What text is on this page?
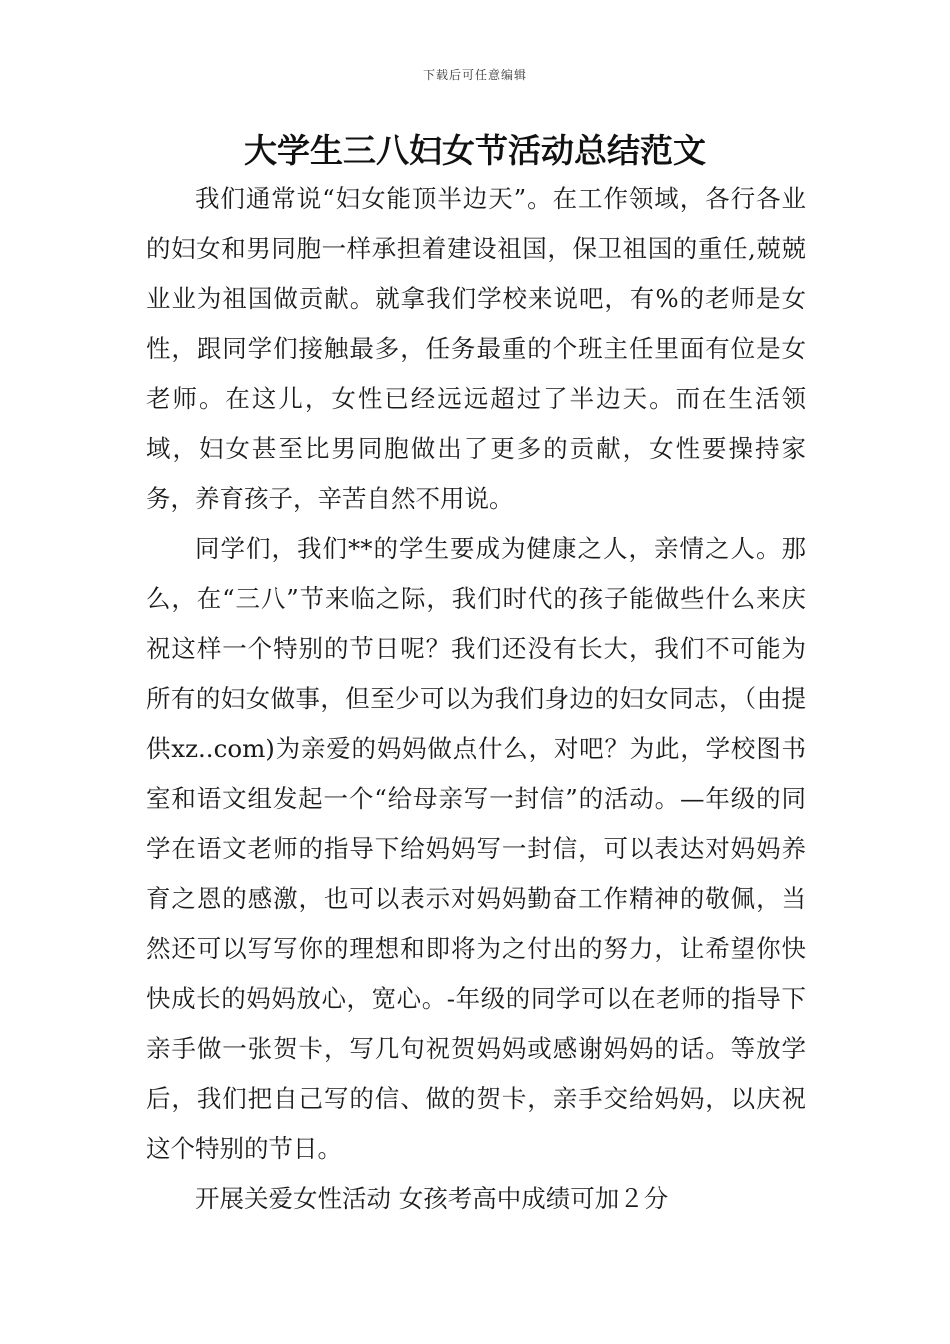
下载后可任意编辑
大学生三八妇女节活动总结范文

我们通常说“妇女能顶半边天”。在工作领域，各行各业的妇女和男同胞一样承担着建设祖国，保卫祖国的重任,兢兢业业为祖国做贡献。就拿我们学校来说吧，有%的老师是女性，跟同学们接触最多，任务最重的个班主任里面有位是女老师。在这儿，女性已经远远超过了半边天。而在生活领域，妇女甚至比男同胞做出了更多的贡献，女性要操持家务，养育孩子，辛苦自然不用说。

同学们，我们**的学生要成为健康之人，亲情之人。那么，在“三八”节来临之际，我们时代的孩子能做些什么来庆祝这样一个特别的节日呢？我们还没有长大，我们不可能为所有的妇女做事，但至少可以为我们身边的妇女同志，（由提供xz..com)为亲爱的妈妈做点什么，对吧？为此，学校图书室和语文组发起一个“给母亲写一封信”的活动。—年级的同学在语文老师的指导下给妈妈写一封信，可以表达对妈妈养育之恩的感激，也可以表示对妈妈勤奋工作精神的敬佩，当然还可以写写你的理想和即将为之付出的努力，让希望你快快成长的妈妈放心，宽心。-年级的同学可以在老师的指导下亲手做一张贺卡，写几句祝贺妈妈或感谢妈妈的话。等放学后，我们把自己写的信、做的贺卡，亲手交给妈妈，以庆祝这个特别的节日。

开展关爱女性活动 女孩考高中成绩可加２分
